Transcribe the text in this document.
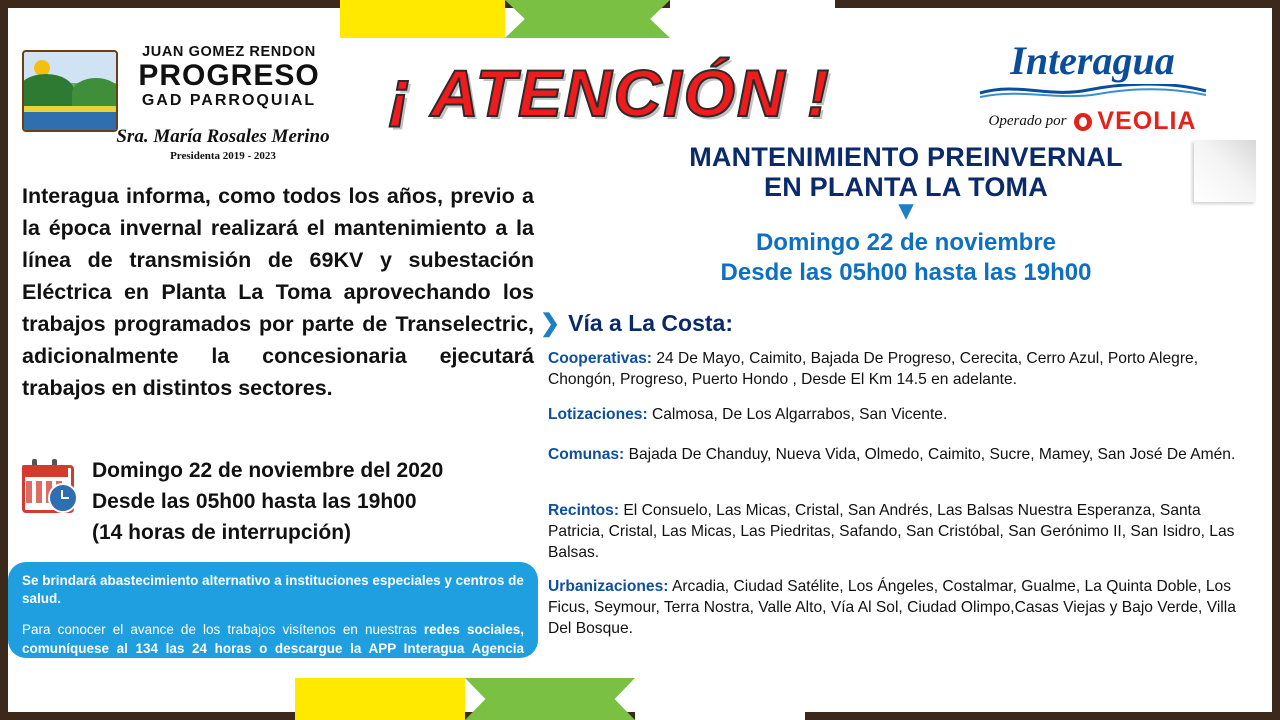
JUAN GOMEZ RENDON
PROGRESO
GAD PARROQUIAL
Sra. María Rosales Merino
Presidenta 2019 - 2023
¡ ATENCIÓN !	Interagua
Operado por VEOLIA
Interagua informa, como todos los años, previo a la época invernal realizará el mantenimiento a la línea de transmisión de 69KV y subestación Eléctrica en Planta La Toma aprovechando los trabajos programados por parte de Transelectric, adicionalmente la concesionaria ejecutará trabajos en distintos sectores.
Domingo 22 de noviembre del 2020
Desde las 05h00 hasta las 19h00
(14 horas de interrupción)
Se brindará abastecimiento alternativo a instituciones especiales y centros de salud.
Para conocer el avance de los trabajos visítenos en nuestras redes sociales, comuníquese al 134 las 24 horas o descargue la APP Interagua Agencia Virtual.
MANTENIMIENTO PREINVERNAL
EN PLANTA LA TOMA
▾
Domingo 22 de noviembre
Desde las 05h00 hasta las 19h00
❯ Vía a La Costa:
Cooperativas: 24 De Mayo, Caimito, Bajada De Progreso, Cerecita, Cerro Azul, Porto Alegre, Chongón, Progreso, Puerto Hondo , Desde El Km 14.5 en adelante.
Lotizaciones: Calmosa, De Los Algarrabos, San Vicente.
Comunas: Bajada De Chanduy, Nueva Vida, Olmedo, Caimito, Sucre, Mamey, San José De Amén.
Recintos: El Consuelo, Las Micas, Cristal, San Andrés, Las Balsas Nuestra Esperanza, Santa Patricia, Cristal, Las Micas, Las Piedritas, Safando, San Cristóbal, San Gerónimo II, San Isidro, Las Balsas.
Urbanizaciones: Arcadia, Ciudad Satélite, Los Ángeles, Costalmar, Gualme, La Quinta Doble, Los Ficus, Seymour, Terra Nostra, Valle Alto, Vía Al Sol, Ciudad Olimpo,Casas Viejas y Bajo Verde, Villa Del Bosque.
